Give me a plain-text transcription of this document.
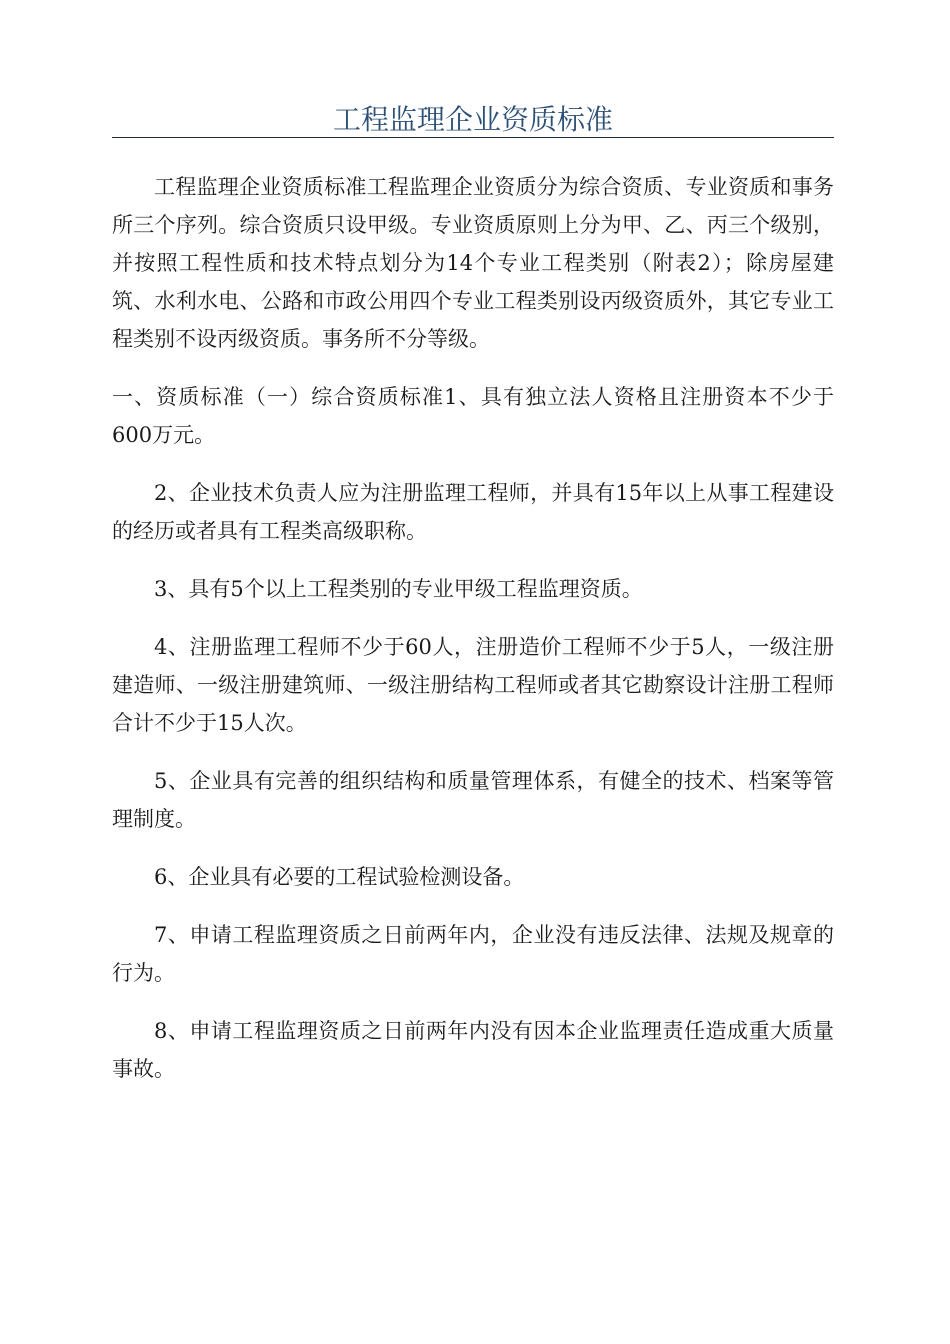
工程监理企业资质标准

工程监理企业资质标准工程监理企业资质分为综合资质、专业资质和事务所三个序列。综合资质只设甲级。专业资质原则上分为甲、乙、丙三个级别，并按照工程性质和技术特点划分为14个专业工程类别（附表2）；除房屋建筑、水利水电、公路和市政公用四个专业工程类别设丙级资质外，其它专业工程类别不设丙级资质。事务所不分等级。

一、资质标准（一）综合资质标准1、具有独立法人资格且注册资本不少于600万元。

2、企业技术负责人应为注册监理工程师，并具有15年以上从事工程建设的经历或者具有工程类高级职称。

3、具有5个以上工程类别的专业甲级工程监理资质。

4、注册监理工程师不少于60人，注册造价工程师不少于5人，一级注册建造师、一级注册建筑师、一级注册结构工程师或者其它勘察设计注册工程师合计不少于15人次。

5、企业具有完善的组织结构和质量管理体系，有健全的技术、档案等管理制度。

6、企业具有必要的工程试验检测设备。

7、申请工程监理资质之日前两年内，企业没有违反法律、法规及规章的行为。

8、申请工程监理资质之日前两年内没有因本企业监理责任造成重大质量事故。
